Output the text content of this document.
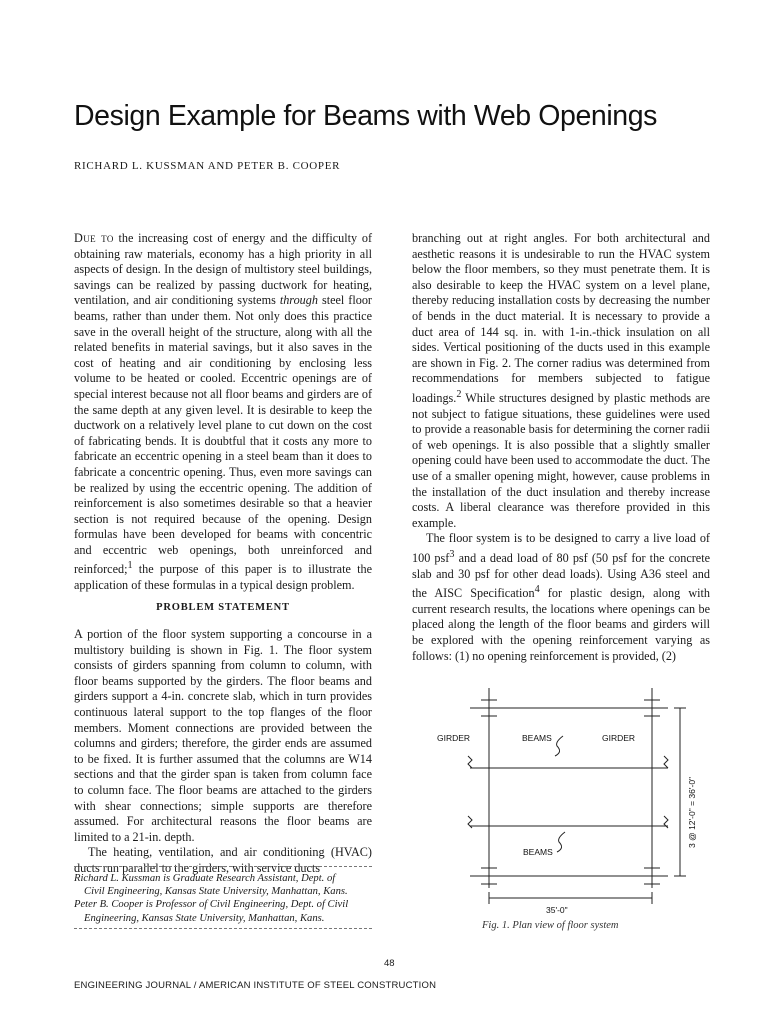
Design Example for Beams with Web Openings

RICHARD L. KUSSMAN AND PETER B. COOPER

Due to the increasing cost of energy and the difficulty of obtaining raw materials, economy has a high priority in all aspects of design. In the design of multistory steel buildings, savings can be realized by passing ductwork for heating, ventilation, and air conditioning systems through steel floor beams, rather than under them. Not only does this practice save in the overall height of the structure, along with all the related benefits in material savings, but it also saves in the cost of heating and air conditioning by enclosing less volume to be heated or cooled. Eccentric openings are of special interest because not all floor beams and girders are of the same depth at any given level. It is desirable to keep the ductwork on a relatively level plane to cut down on the cost of fabricating bends. It is doubtful that it costs any more to fabricate an eccentric opening in a steel beam than it does to fabricate a concentric opening. Thus, even more savings can be realized by using the eccentric opening. The addition of reinforcement is also sometimes desirable so that a heavier section is not required because of the opening. Design formulas have been developed for beams with concentric and eccentric web openings, both unreinforced and reinforced;$^1$ the purpose of this paper is to illustrate the application of these formulas in a typical design problem.

PROBLEM STATEMENT

A portion of the floor system supporting a concourse in a multistory building is shown in Fig. 1. The floor system consists of girders spanning from column to column, with floor beams supported by the girders. The floor beams and girders support a 4-in. concrete slab, which in turn provides continuous lateral support to the top flanges of the floor members. Moment connections are provided between the columns and girders; therefore, the girder ends are assumed to be fixed. It is further assumed that the columns are W14 sections and that the girder span is taken from column face to column face. The floor beams are attached to the girders with shear connections; simple supports are therefore assumed. For architectural reasons the floor beams are limited to a 21-in. depth.

The heating, ventilation, and air conditioning (HVAC) ducts run parallel to the girders, with service ducts

Richard L. Kussman is Graduate Research Assistant, Dept. of
Civil Engineering, Kansas State University, Manhattan, Kans.
Peter B. Cooper is Professor of Civil Engineering, Dept. of Civil
Engineering, Kansas State University, Manhattan, Kans.

branching out at right angles. For both architectural and aesthetic reasons it is undesirable to run the HVAC system below the floor members, so they must penetrate them. It is also desirable to keep the HVAC system on a level plane, thereby reducing installation costs by decreasing the number of bends in the duct material. It is necessary to provide a duct area of 144 sq. in. with 1-in.-thick insulation on all sides. Vertical positioning of the ducts used in this example are shown in Fig. 2. The corner radius was determined from recommendations for members subjected to fatigue loadings.$^2$ While structures designed by plastic methods are not subject to fatigue situations, these guidelines were used to provide a reasonable basis for determining the corner radii of web openings. It is also possible that a slightly smaller opening could have been used to accommodate the duct. The use of a smaller opening might, however, cause problems in the installation of the duct insulation and thereby increase costs. A liberal clearance was therefore provided in this example.

The floor system is to be designed to carry a live load of 100 psf$^3$ and a dead load of 80 psf (50 psf for the concrete slab and 30 psf for other dead loads). Using A36 steel and the AISC Specification$^4$ for plastic design, along with current research results, the locations where openings can be placed along the length of the floor beams and girders will be explored with the opening reinforcement varying as follows: (1) no opening reinforcement is provided, (2)

GIRDER	BEAMS	GIRDER
BEAMS
35'-0"
3 @ 12'-0" = 36'-0"

Fig. 1. Plan view of floor system

48

ENGINEERING JOURNAL / AMERICAN INSTITUTE OF STEEL CONSTRUCTION
